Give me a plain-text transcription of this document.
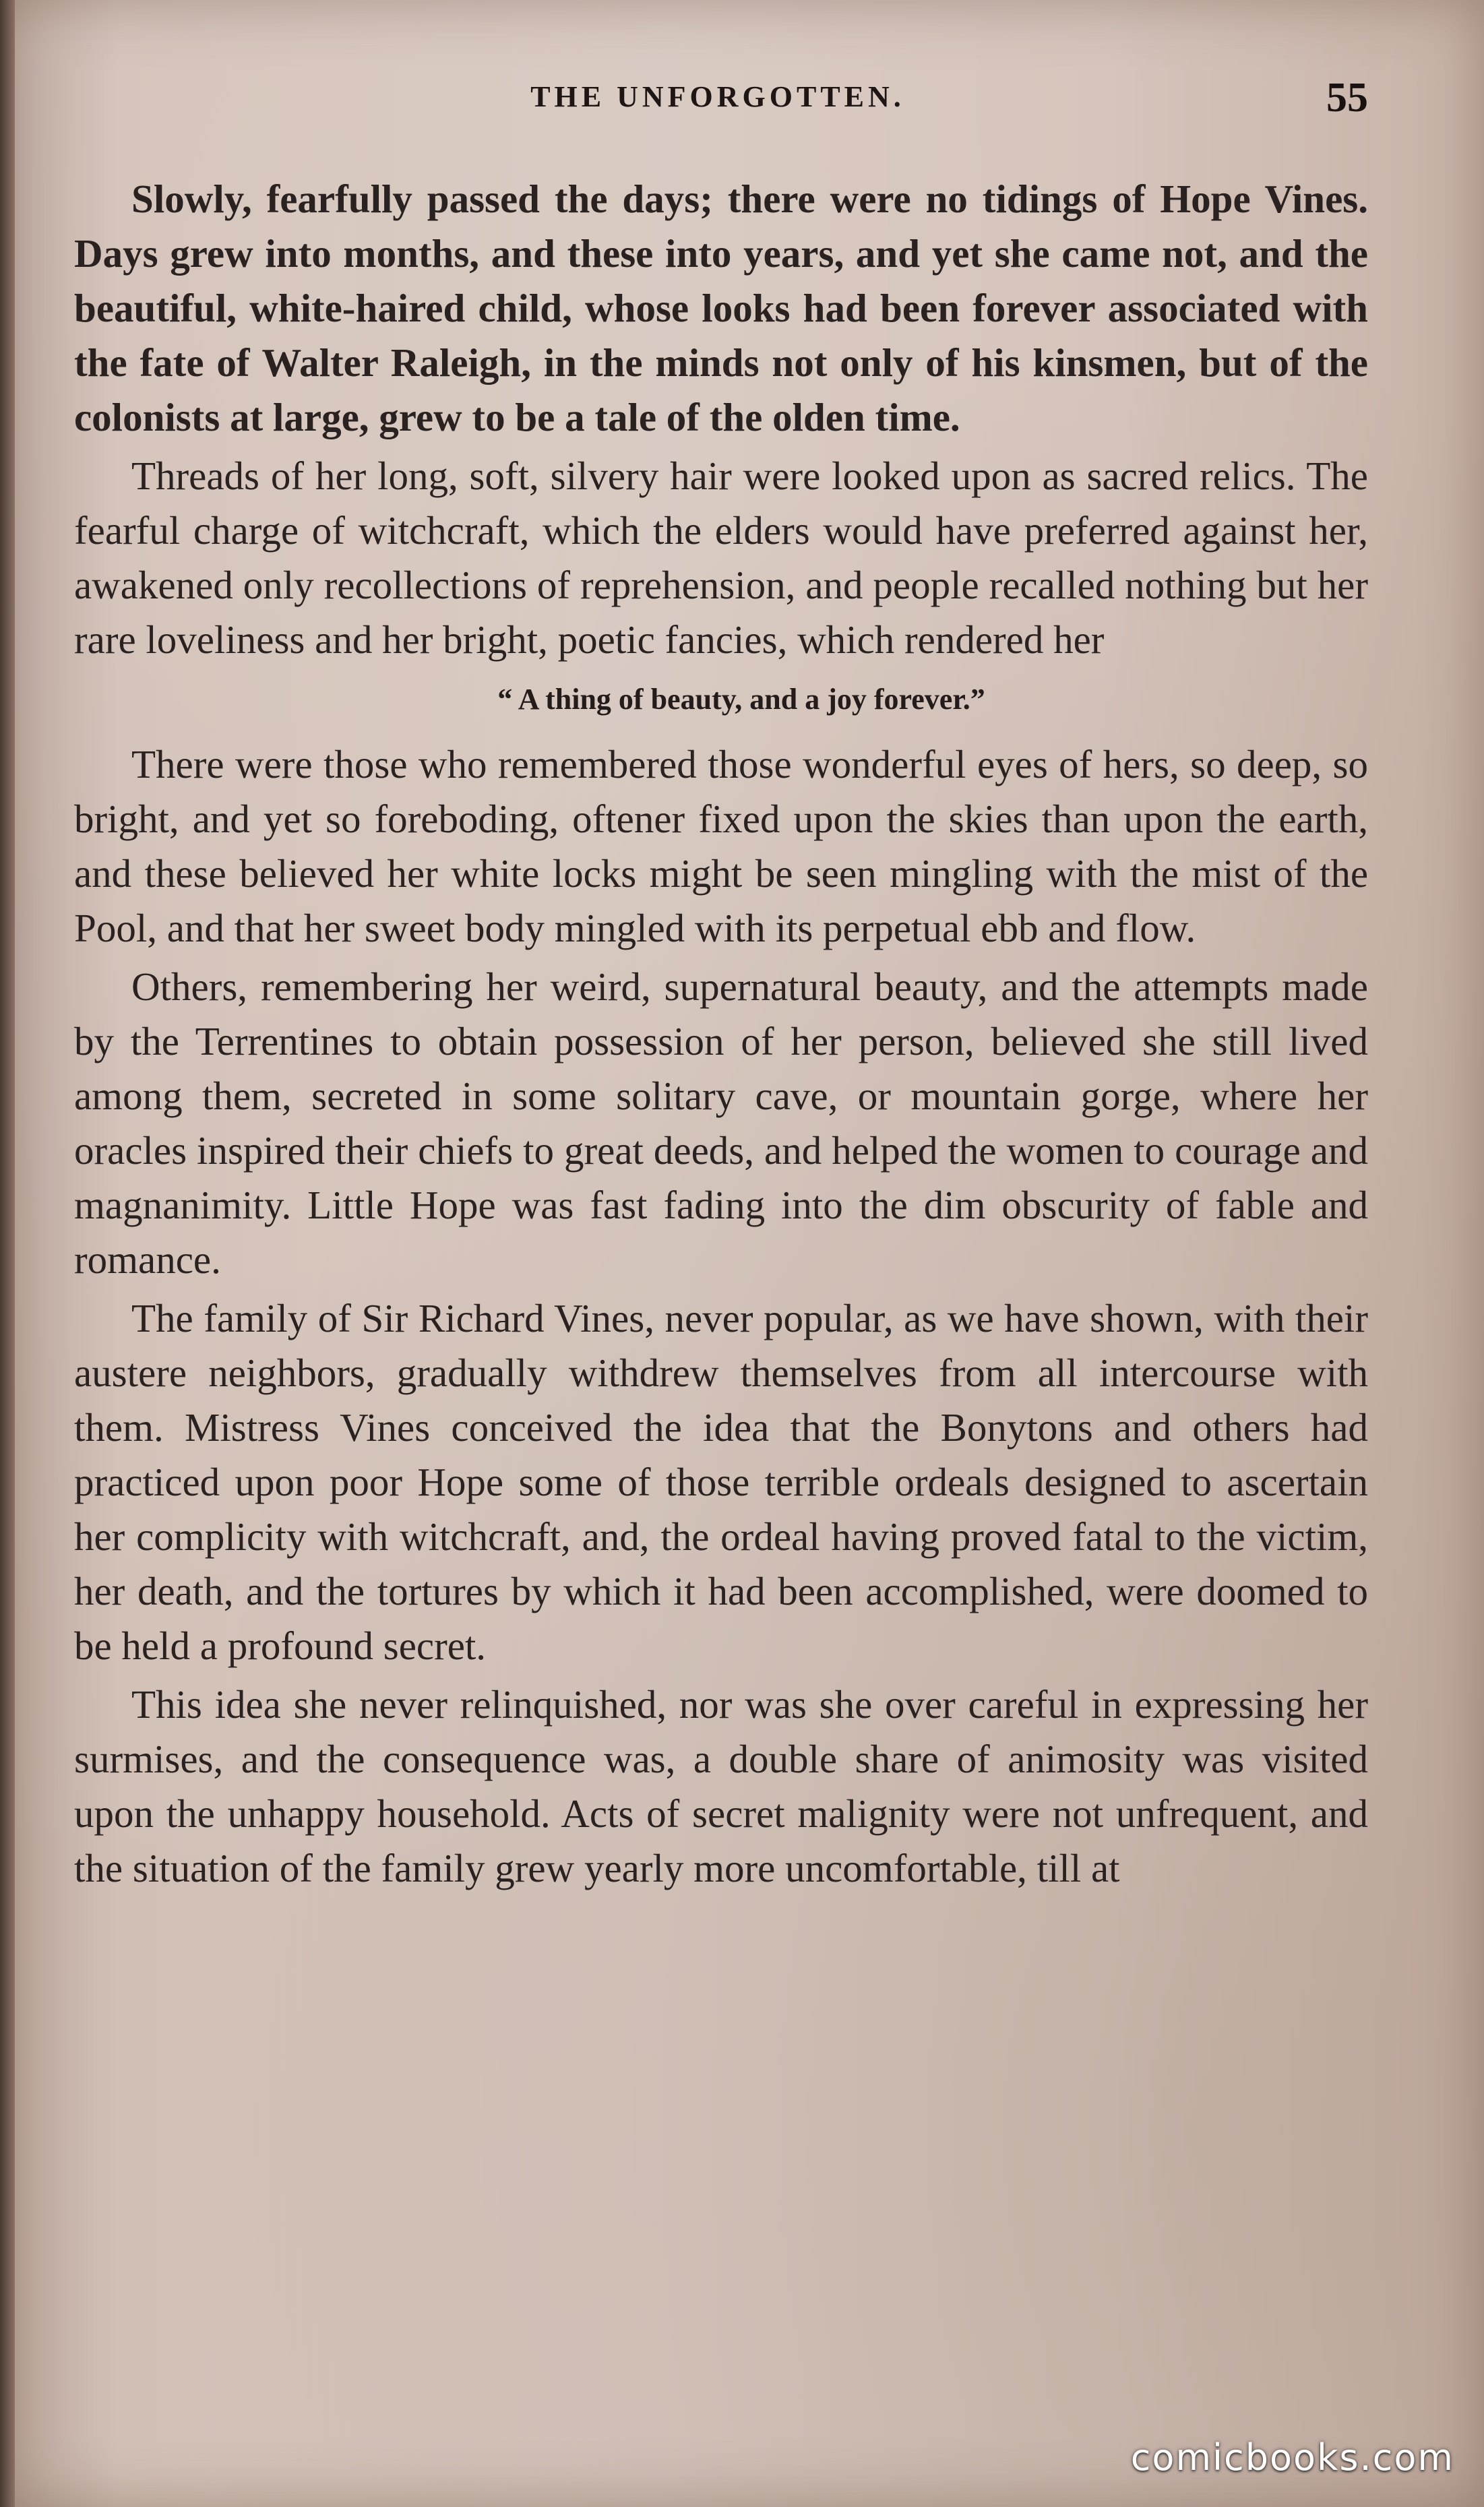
THE UNFORGOTTEN.	55

Slowly, fearfully passed the days; there were no tidings of Hope Vines. Days grew into months, and these into years, and yet she came not, and the beautiful, white-haired child, whose looks had been forever associated with the fate of Walter Raleigh, in the minds not only of his kinsmen, but of the colonists at large, grew to be a tale of the olden time.

Threads of her long, soft, silvery hair were looked upon as sacred relics. The fearful charge of witchcraft, which the elders would have preferred against her, awakened only recollections of reprehension, and people recalled nothing but her rare loveliness and her bright, poetic fancies, which rendered her

“ A thing of beauty, and a joy forever.”

There were those who remembered those wonderful eyes of hers, so deep, so bright, and yet so foreboding, oftener fixed upon the skies than upon the earth, and these believed her white locks might be seen mingling with the mist of the Pool, and that her sweet body mingled with its perpetual ebb and flow.

Others, remembering her weird, supernatural beauty, and the attempts made by the Terrentines to obtain possession of her person, believed she still lived among them, secreted in some solitary cave, or mountain gorge, where her oracles inspired their chiefs to great deeds, and helped the women to courage and magnanimity. Little Hope was fast fading into the dim obscurity of fable and romance.

The family of Sir Richard Vines, never popular, as we have shown, with their austere neighbors, gradually withdrew themselves from all intercourse with them. Mistress Vines conceived the idea that the Bonytons and others had practiced upon poor Hope some of those terrible ordeals designed to ascertain her complicity with witchcraft, and, the ordeal having proved fatal to the victim, her death, and the tortures by which it had been accomplished, were doomed to be held a profound secret.

This idea she never relinquished, nor was she over careful in expressing her surmises, and the consequence was, a double share of animosity was visited upon the unhappy household. Acts of secret malignity were not unfrequent, and the situation of the family grew yearly more uncomfortable, till at

comicbooks.com
